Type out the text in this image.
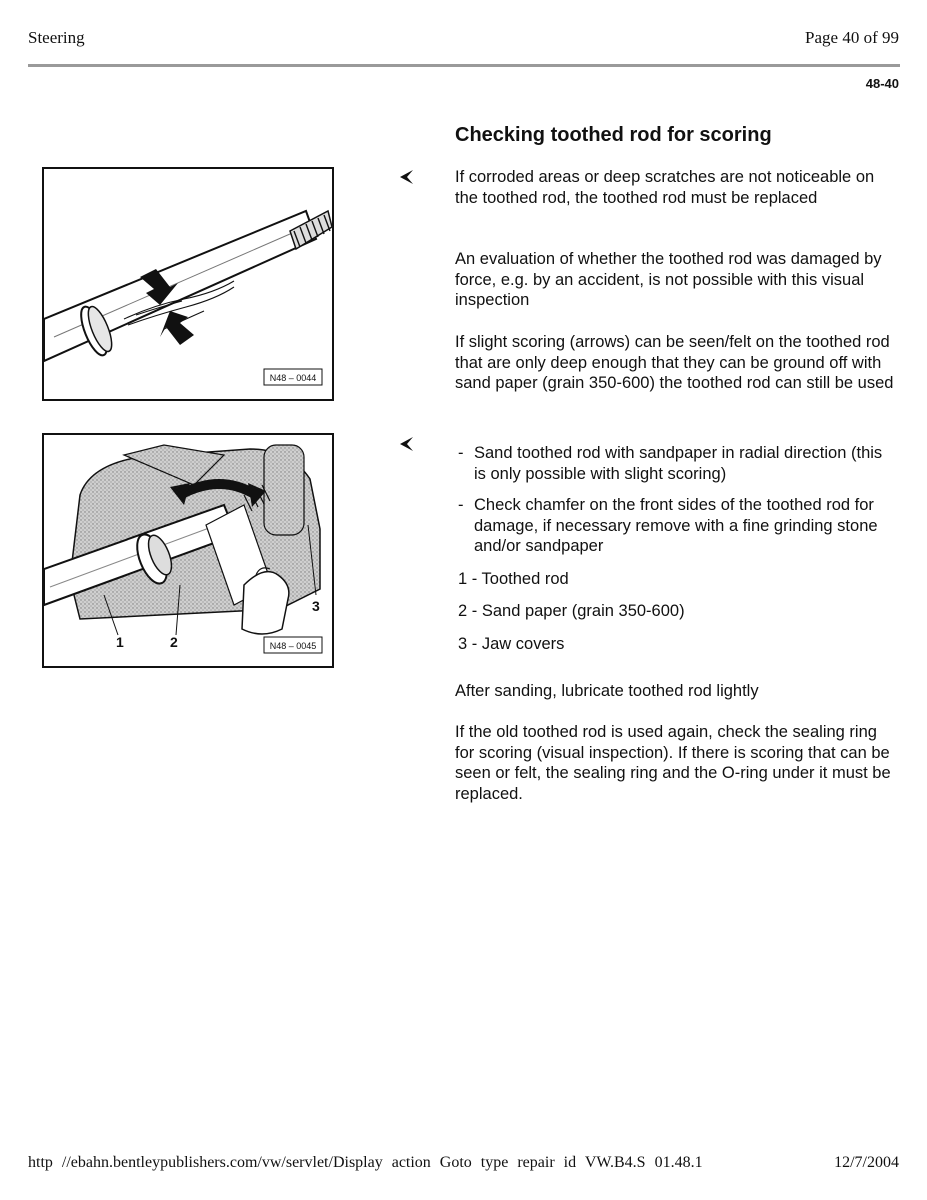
Steering	Page 40 of 99
48-40
Checking toothed rod for scoring
N48 – 0044
1	2
3
N48 – 0045

If corroded areas or deep scratches are not noticeable on the toothed rod, the toothed rod must be replaced

An evaluation of whether the toothed rod was damaged by force, e.g. by an accident, is not possible with this visual inspection

If slight scoring (arrows) can be seen/felt on the toothed rod that are only deep enough that they can be ground off with sand paper (grain 350-600) the toothed rod can still be used

- Sand toothed rod with sandpaper in radial direction (this is only possible with slight scoring)
- Check chamfer on the front sides of the toothed rod for damage, if necessary remove with a fine grinding stone and/or sandpaper
1 - Toothed rod
2 - Sand paper (grain 350-600)
3 - Jaw covers

After sanding, lubricate toothed rod lightly

If the old toothed rod is used again, check the sealing ring for scoring (visual inspection). If there is scoring that can be seen or felt, the sealing ring and the O-ring under it must be replaced.

http //ebahn.bentleypublishers.com/vw/servlet/Display action Goto type repair id VW.B4.S 01.48.1	12/7/2004
